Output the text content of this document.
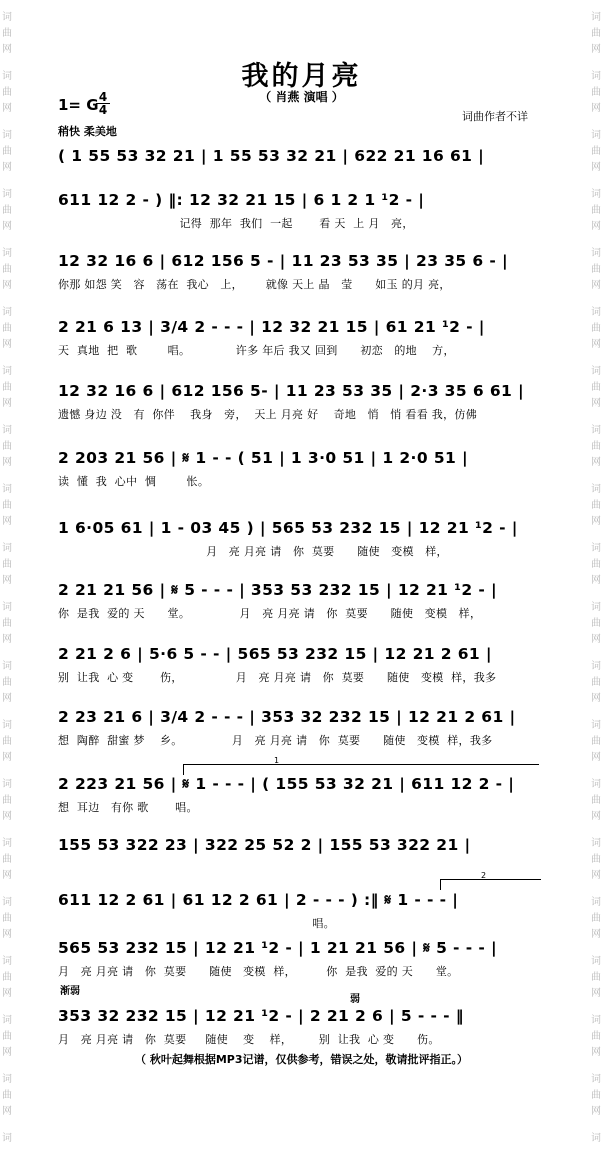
词
曲
网
词
曲
网
词
曲
网
词
曲
网
词
曲
网
词
曲
网
词
曲
网
词
曲
网
词
曲
网
词
曲
网
词
曲
网
词
曲
网
词
曲
网
词
曲
网
词
曲
网
词
曲
网
词
曲
网
词
曲
网
词
曲
网
词
词
曲
网
词
曲
网
词
曲
网
词
曲
网
词
曲
网
词
曲
网
词
曲
网
词
曲
网
词
曲
网
词
曲
网
词
曲
网
词
曲
网
词
曲
网
词
曲
网
词
曲
网
词
曲
网
词
曲
网
词
曲
网
词
曲
网
词
我的月亮
（ 肖燕 演唱 ）
1= G 4
4
稍快 柔美地
词曲作者不详
( 1 55 53 32 21 | 1 55 53 32 21 | 622 21 16 61 |
611 12 2 - ) ‖: 12 32 21 15 | 6 1 2 1 ¹2 - |
记得  那年  我们  一起       看 天  上 月   亮，
12 32 16 6 | 612 156 5 - | 11 23 53 35 | 23 35 6 - |
你那 如怨 笑   容   荡在  我心   上，      就像 天上 晶   莹      如玉 的月 亮，
2 21 6 13 | 3/4 2 - - - | 12 32 21 15 | 61 21 ¹2 - |
天  真地  把  歌        唱。            许多 年后 我又 回到      初恋   的地    方，
12 32 16 6 | 612 156 5- | 11 23 53 35 | 2·3 35 6 61 |
遗憾 身边 没   有  你伴    我身   旁，  天上 月亮 好    奇地   悄   悄 看看 我，仿佛
2 203 21 56 | 𝄋 1 - - ( 51 | 1 3·0 51 | 1 2·0 51 |
读  懂  我  心中  惆        怅。
1 6·05 61 | 1 - 03 45 ) | 565 53 232 15 | 12 21 ¹2 - |
月   亮 月亮 请   你  莫要      随使   变模   样，
2 21 21 56 | 𝄋 5 - - - | 353 53 232 15 | 12 21 ¹2 - |
你  是我  爱的 天      堂。             月   亮 月亮 请   你  莫要      随使   变模   样，
2 21 2 6 | 5·6 5 - - | 565 53 232 15 | 12 21 2 61 |
别  让我  心 变       伤，              月   亮 月亮 请   你  莫要      随使   变模  样，我多
2 23 21 6 | 3/4 2 - - - | 353 32 232 15 | 12 21 2 61 |
想  陶醉  甜蜜 梦    乡。             月   亮 月亮 请   你  莫要      随使   变模  样，我多
2 223 21 56 | 𝄋 1 - - - | ( 155 53 32 21 | 611 12 2 - |
想  耳边   有你 歌       唱。
155 53 322 23 | 322 25 52 2 | 155 53 322 21 |
611 12 2 61 | 61 12 2 61 | 2 - - - ) :‖ 𝄋 1 - - - |
唱。
565 53 232 15 | 12 21 ¹2 - | 1 21 21 56 | 𝄋 5 - - - |
月   亮 月亮 请   你  莫要      随使   变模  样，        你  是我  爱的 天      堂。
353 32 232 15 | 12 21 ¹2 - | 2 21 2 6 | 5 - - - ‖
月   亮 月亮 请   你  莫要     随使    变    样，       别  让我  心 变      伤。
渐弱
弱
1
2
（ 秋叶起舞根据MP3记谱，仅供参考，错误之处，敬请批评指正。）
